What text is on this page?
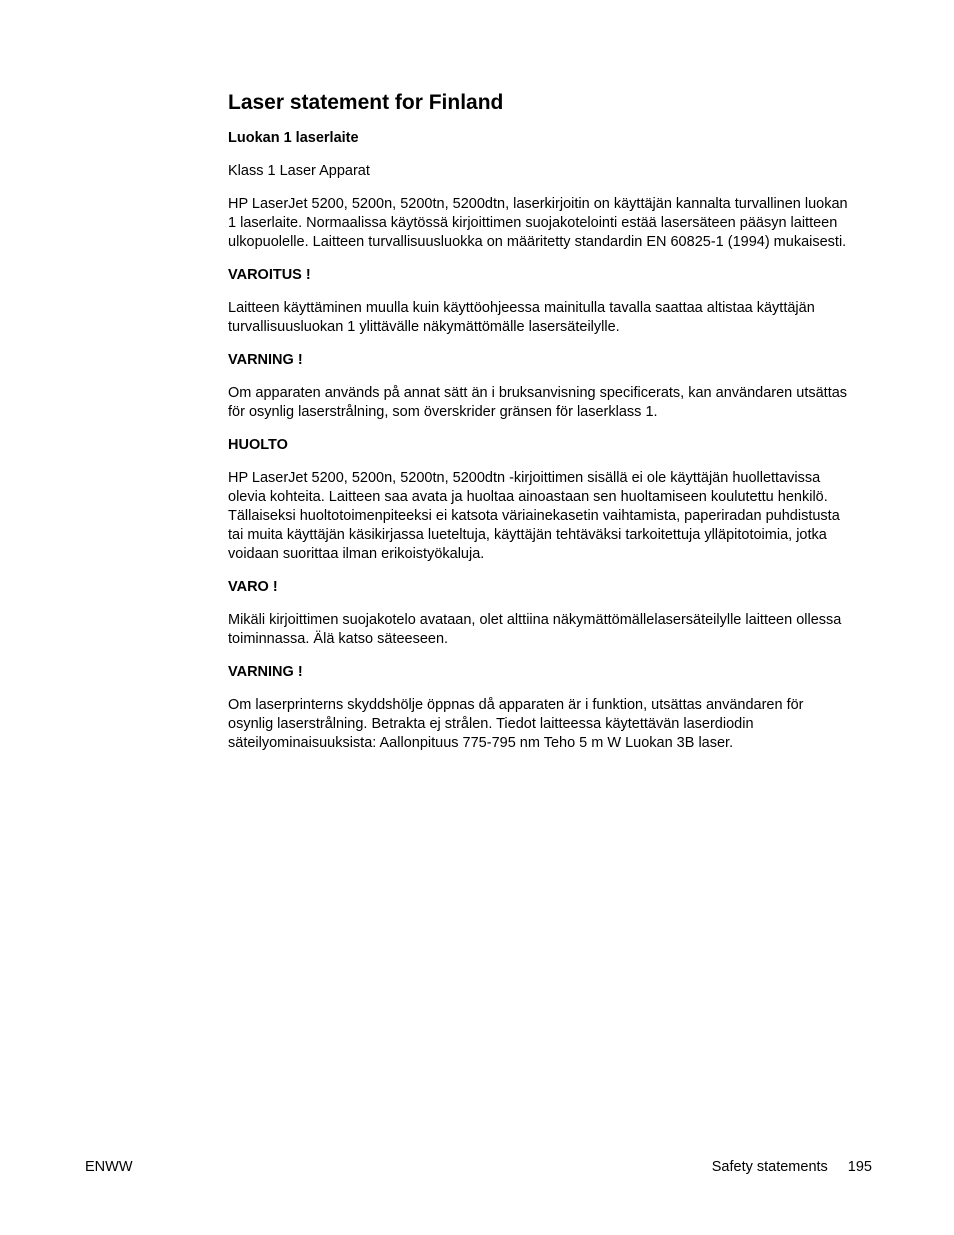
Laser statement for Finland
Luokan 1 laserlaite

Klass 1 Laser Apparat

HP LaserJet 5200, 5200n, 5200tn, 5200dtn, laserkirjoitin on käyttäjän kannalta turvallinen luokan 1 laserlaite. Normaalissa käytössä kirjoittimen suojakotelointi estää lasersäteen pääsyn laitteen ulkopuolelle. Laitteen turvallisuusluokka on määritetty standardin EN 60825-1 (1994) mukaisesti.

VAROITUS !

Laitteen käyttäminen muulla kuin käyttöohjeessa mainitulla tavalla saattaa altistaa käyttäjän turvallisuusluokan 1 ylittävälle näkymättömälle lasersäteilylle.

VARNING !

Om apparaten används på annat sätt än i bruksanvisning specificerats, kan användaren utsättas för osynlig laserstrålning, som överskrider gränsen för laserklass 1.

HUOLTO

HP LaserJet 5200, 5200n, 5200tn, 5200dtn -kirjoittimen sisällä ei ole käyttäjän huollettavissa olevia kohteita. Laitteen saa avata ja huoltaa ainoastaan sen huoltamiseen koulutettu henkilö. Tällaiseksi huoltotoimenpiteeksi ei katsota väriainekasetin vaihtamista, paperiradan puhdistusta tai muita käyttäjän käsikirjassa lueteltuja, käyttäjän tehtäväksi tarkoitettuja ylläpitotoimia, jotka voidaan suorittaa ilman erikoistyökaluja.

VARO !

Mikäli kirjoittimen suojakotelo avataan, olet alttiina näkymättömällelasersäteilylle laitteen ollessa toiminnassa. Älä katso säteeseen.

VARNING !

Om laserprinterns skyddshölje öppnas då apparaten är i funktion, utsättas användaren för osynlig laserstrålning. Betrakta ej strålen. Tiedot laitteessa käytettävän laserdiodin säteilyominaisuuksista: Aallonpituus 775-795 nm Teho 5 m W Luokan 3B laser.

ENWW	Safety statements 195
